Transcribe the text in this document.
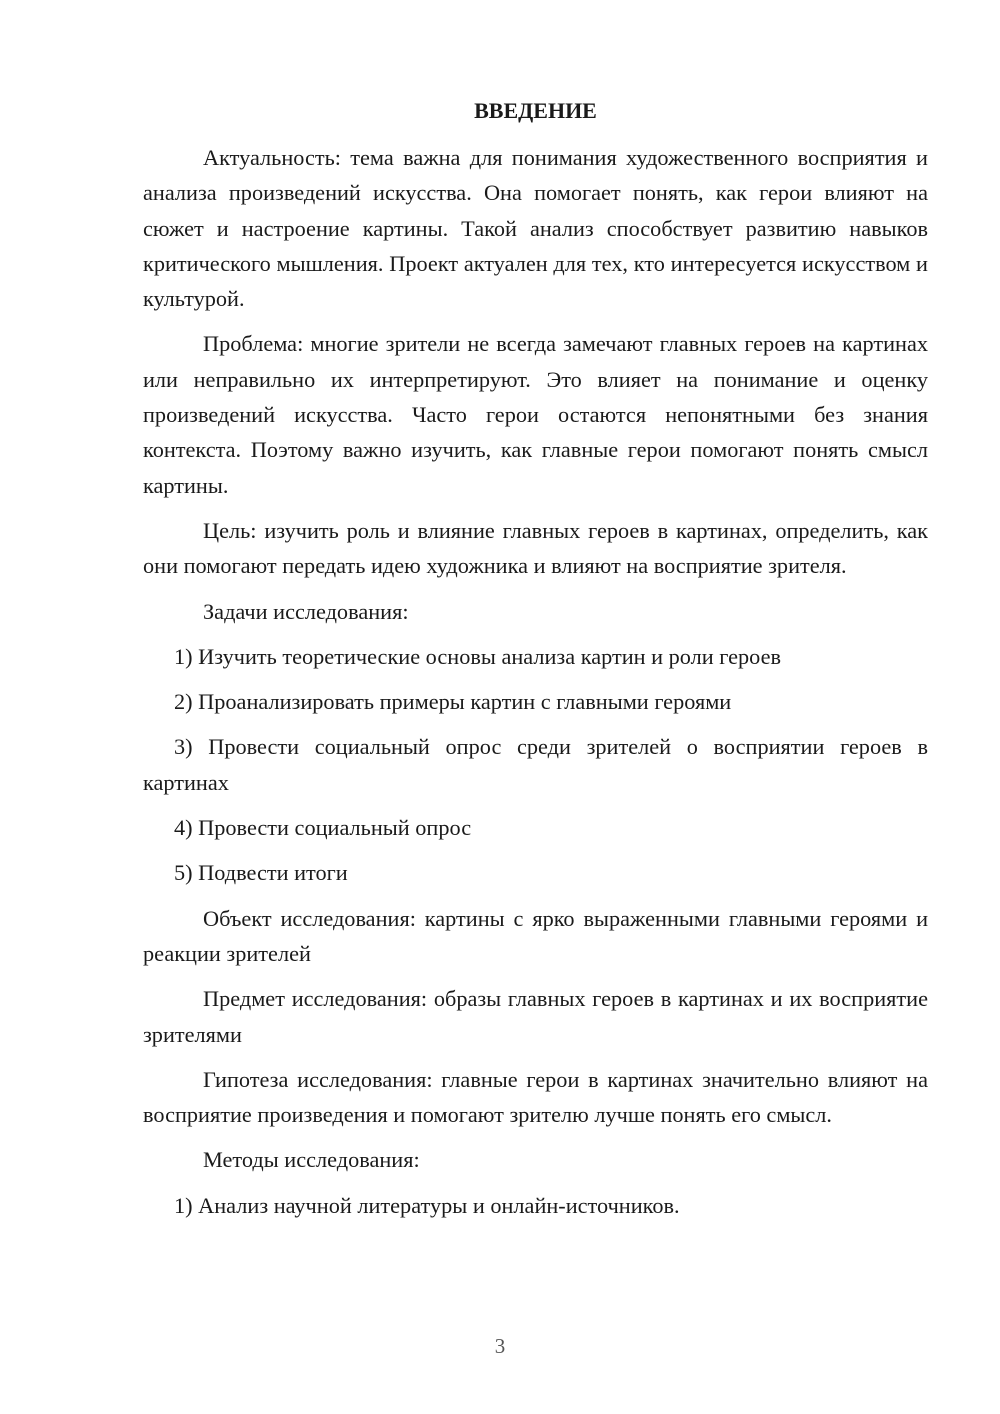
ВВЕДЕНИЕ

Актуальность: тема важна для понимания художественного восприятия и анализа произведений искусства. Она помогает понять, как герои влияют на сюжет и настроение картины. Такой анализ способствует развитию навыков критического мышления. Проект актуален для тех, кто интересуется искусством и культурой.

Проблема: многие зрители не всегда замечают главных героев на картинах или неправильно их интерпретируют. Это влияет на понимание и оценку произведений искусства. Часто герои остаются непонятными без знания контекста. Поэтому важно изучить, как главные герои помогают понять смысл картины.

Цель: изучить роль и влияние главных героев в картинах, определить, как они помогают передать идею художника и влияют на восприятие зрителя.

Задачи исследования:

1) Изучить теоретические основы анализа картин и роли героев

2) Проанализировать примеры картин с главными героями

3) Провести социальный опрос среди зрителей о восприятии героев в картинах

4) Провести социальный опрос

5) Подвести итоги

Объект исследования: картины с ярко выраженными главными героями и реакции зрителей

Предмет исследования: образы главных героев в картинах и их восприятие зрителями

Гипотеза исследования: главные герои в картинах значительно влияют на восприятие произведения и помогают зрителю лучше понять его смысл.

Методы исследования:

1) Анализ научной литературы и онлайн-источников.

3
